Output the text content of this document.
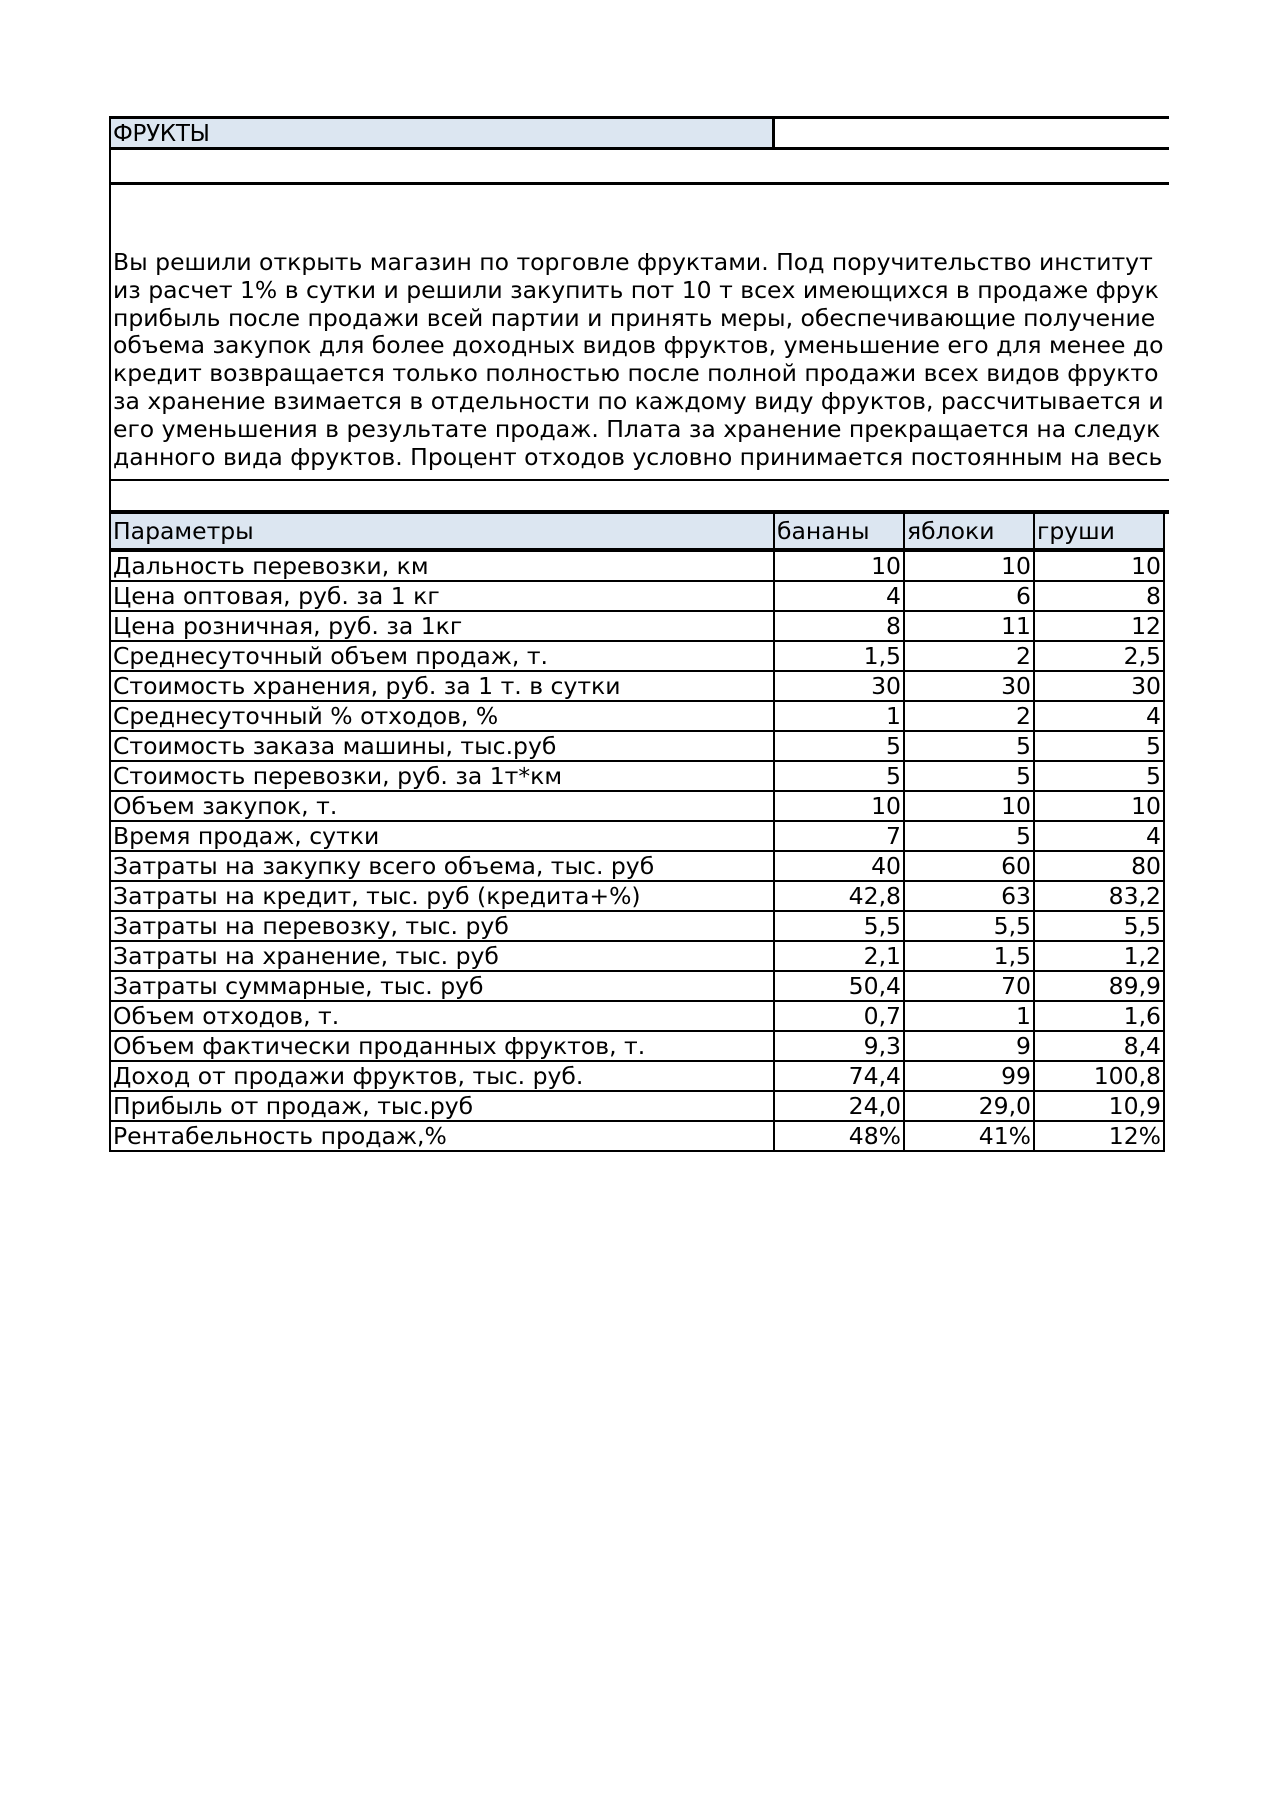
ФРУКТЫ
Вы решили открыть магазин по торговле фруктами. Под поручительство институт
из расчет 1% в сутки и решили закупить пот 10 т всех имеющихся в продаже фрук
прибыль после продажи всей партии и принять меры, обеспечивающие получение
объема закупок для более доходных видов фруктов, уменьшение его для менее до
кредит возвращается только полностью после полной продажи всех видов фрукто
за хранение взимается в отдельности по каждому виду фруктов, рассчитывается и
его уменьшения в результате продаж. Плата за хранение прекращается на следук
данного вида фруктов. Процент отходов условно принимается постоянным на весь
Параметры	бананы	яблоки	груши
Дальность перевозки, км	10	10	10
Цена оптовая, руб. за 1 кг	4	6	8
Цена розничная, руб. за 1кг	8	11	12
Среднесуточный объем продаж, т.	1,5	2	2,5
Стоимость хранения, руб. за 1 т. в сутки	30	30	30
Среднесуточный % отходов, %	1	2	4
Стоимость заказа машины, тыс.руб	5	5	5
Стоимость перевозки, руб. за 1т*км	5	5	5
Объем закупок, т.	10	10	10
Время продаж, сутки	7	5	4
Затраты на закупку всего объема, тыс. руб	40	60	80
Затраты на кредит, тыс. руб (кредита+%)	42,8	63	83,2
Затраты на перевозку, тыс. руб	5,5	5,5	5,5
Затраты на хранение, тыс. руб	2,1	1,5	1,2
Затраты суммарные, тыс. руб	50,4	70	89,9
Объем отходов, т.	0,7	1	1,6
Объем фактически проданных фруктов, т.	9,3	9	8,4
Доход от продажи фруктов, тыс. руб.	74,4	99	100,8
Прибыль от продаж, тыс.руб	24,0	29,0	10,9
Рентабельность продаж,%	48%	41%	12%
